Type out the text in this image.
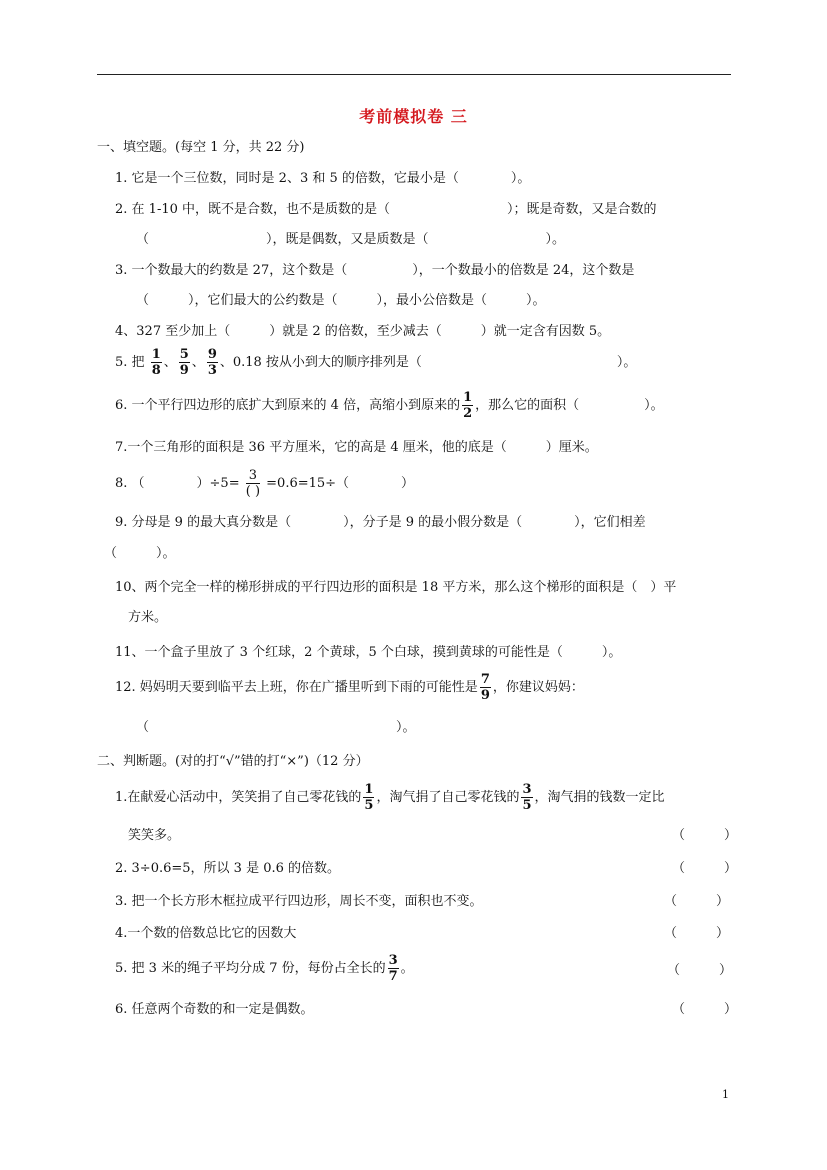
考前模拟卷 三
一、填空题。(每空 1 分，共 22 分)
1. 它是一个三位数，同时是 2、3 和 5 的倍数，它最小是（　　　　）。
2. 在 1-10 中，既不是合数，也不是质数的是（　　　　　　　　　）；既是奇数，又是合数的
（　　　　　　　　　），既是偶数，又是质数是（　　　　　　　　　）。
3. 一个数最大的约数是 27，这个数是（　　　　　），一个数最小的倍数是 24，这个数是
（　　　），它们最大的公约数是（　　　），最小公倍数是（　　　）。
4、327 至少加上（　　　）就是 2 的倍数，至少减去（　　　）就一定含有因数 5。
5. 把 $\frac{1}{8}$ 、 $\frac{5}{9}$ 、 $\frac{9}{3}$ 、0.18 按从小到大的顺序排列是（　　　　　　　　　　　　　　　）。
6. 一个平行四边形的底扩大到原来的 4 倍，高缩小到原来的 $\frac{1}{2}$ ，那么它的面积（　　　　　）。
7.一个三角形的面积是 36 平方厘米，它的高是 4 厘米，他的底是（　　　）厘米。
8. （　　　　）$\div 5= \frac{3}{( )} =0.6=15\div$（　　　　）
9. 分母是 9 的最大真分数是（　　　　），分子是 9 的最小假分数是（　　　　），它们相差
（　　　）。
10、两个完全一样的梯形拼成的平行四边形的面积是 18 平方米，那么这个梯形的面积是（　）平
方米。
11、一个盒子里放了 3 个红球，2 个黄球，5 个白球，摸到黄球的可能性是（　　　）。
12. 妈妈明天要到临平去上班，你在广播里听到下雨的可能性是 $\frac{7}{9}$ ，你建议妈妈：
（　　　　　　　　　　　　　　　　　　　）。
二、判断题。(对的打“√”错的打“×”)（12 分）
1.在献爱心活动中，笑笑捐了自己零花钱的 $\frac{1}{5}$ ，淘气捐了自己零花钱的 $\frac{3}{5}$ ，淘气捐的钱数一定比
笑笑多。	（　　　）
2. 3÷0.6=5，所以 3 是 0.6 的倍数。	（　　　）
3. 把一个长方形木框拉成平行四边形，周长不变，面积也不变。	（　　　）
4.一个数的倍数总比它的因数大	（　　　）
5. 把 3 米的绳子平均分成 7 份，每份占全长的 $\frac{3}{7}$ 。	（　　　）
6. 任意两个奇数的和一定是偶数。	（　　　）
1
